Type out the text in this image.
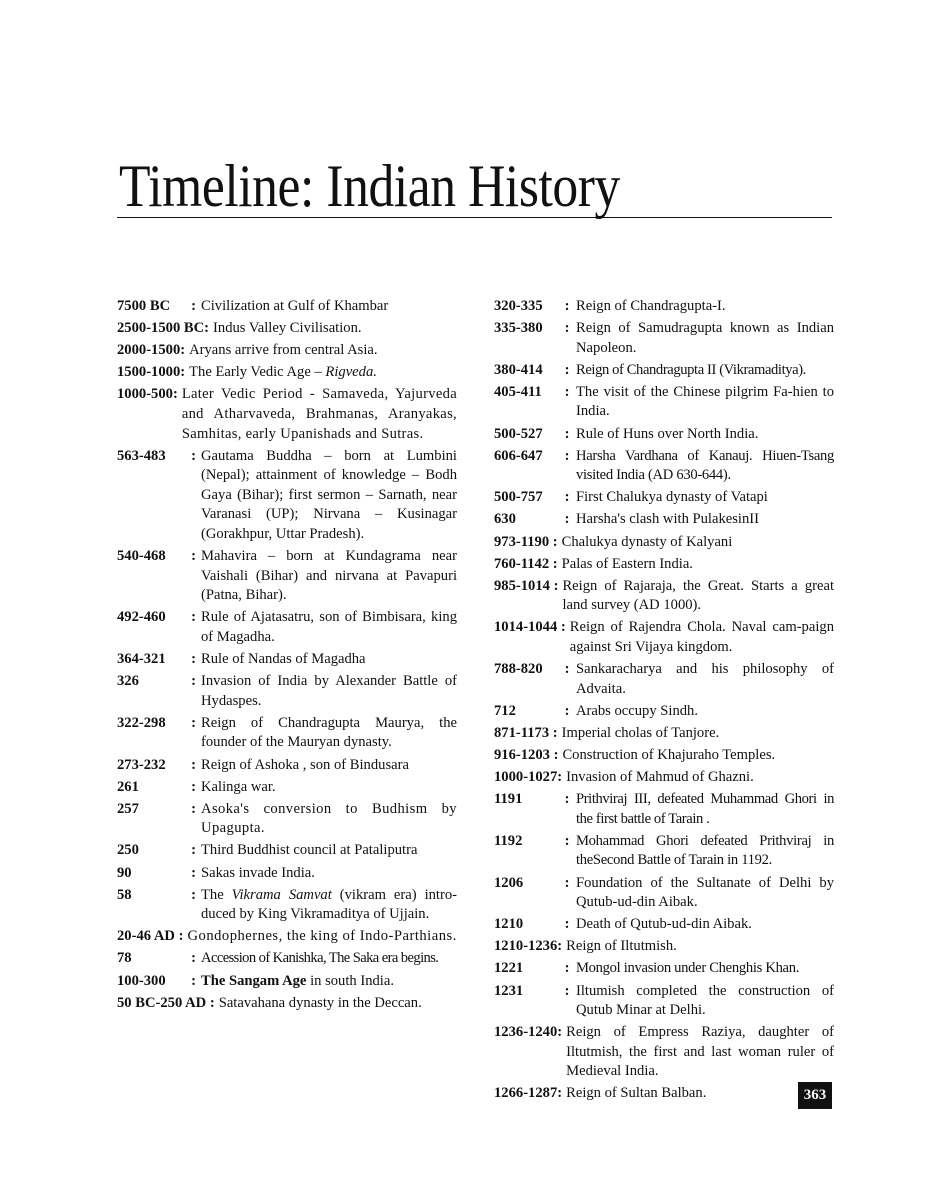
Timeline: Indian History
7500 BC	: Civilization at Gulf of Khambar
2500-1500 BC: Indus Valley Civilisation.
2000-1500: Aryans arrive from central Asia.
1500-1000: The Early Vedic Age – Rigveda.
1000-500: Later Vedic Period - Samaveda, Yajurveda and Atharvaveda, Brahmanas, Aranyakas, Samhitas, early Upanishads and Sutras.
563-483	: Gautama Buddha – born at Lumbini (Nepal); attainment of knowledge – Bodh Gaya (Bihar); first sermon – Sarnath, near Varanasi (UP); Nirvana – Kusinagar (Gorakhpur, Uttar Pradesh).
540-468	: Mahavira – born at Kundagrama near Vaishali (Bihar) and nirvana at Pavapuri (Patna, Bihar).
492-460	: Rule of Ajatasatru, son of Bimbisara, king of Magadha.
364-321	: Rule of Nandas of Magadha
326	: Invasion of India by Alexander Battle of Hydaspes.
322-298	: Reign of Chandragupta Maurya, the founder of the Mauryan dynasty.
273-232	: Reign of Ashoka , son of Bindusara
261	: Kalinga war.
257	: Asoka's conversion to Budhism by Upagupta.
250	: Third Buddhist council at Pataliputra
90	: Sakas invade India.
58	: The Vikrama Samvat (vikram era) intro-duced by King Vikramaditya of Ujjain.
20-46 AD : Gondophernes, the king of Indo-Parthians.
78	: Accession of Kanishka, The Saka era begins.
100-300	: The Sangam Age in south India.
50 BC-250 AD : Satavahana dynasty in the Deccan.
320-335	: Reign of Chandragupta-I.
335-380	: Reign of Samudragupta known as Indian Napoleon.
380-414	: Reign of Chandragupta II (Vikramaditya).
405-411	: The visit of the Chinese pilgrim Fa-hien to India.
500-527	: Rule of Huns over North India.
606-647	: Harsha Vardhana of Kanauj. Hiuen-Tsang visited India (AD 630-644).
500-757	: First Chalukya dynasty of Vatapi
630	: Harsha's clash with PulakesinII
973-1190 : Chalukya dynasty of Kalyani
760-1142 : Palas of Eastern India.
985-1014 : Reign of Rajaraja, the Great. Starts a great land survey (AD 1000).
1014-1044 : Reign of Rajendra Chola. Naval cam-paign against Sri Vijaya kingdom.
788-820	: Sankaracharya and his philosophy of Advaita.
712	: Arabs occupy Sindh.
871-1173 : Imperial cholas of Tanjore.
916-1203 : Construction of Khajuraho Temples.
1000-1027: Invasion of Mahmud of Ghazni.
1191	: Prithviraj III, defeated Muhammad Ghori in the first battle of Tarain .
1192	: Mohammad Ghori defeated Prithviraj in theSecond Battle of Tarain in 1192.
1206	: Foundation of the Sultanate of Delhi by Qutub-ud-din Aibak.
1210	: Death of Qutub-ud-din Aibak.
1210-1236: Reign of Iltutmish.
1221	: Mongol invasion under Chenghis Khan.
1231	: Iltumish completed the construction of Qutub Minar at Delhi.
1236-1240: Reign of Empress Raziya, daughter of Iltutmish, the first and last woman ruler of Medieval India.
1266-1287: Reign of Sultan Balban.	363
